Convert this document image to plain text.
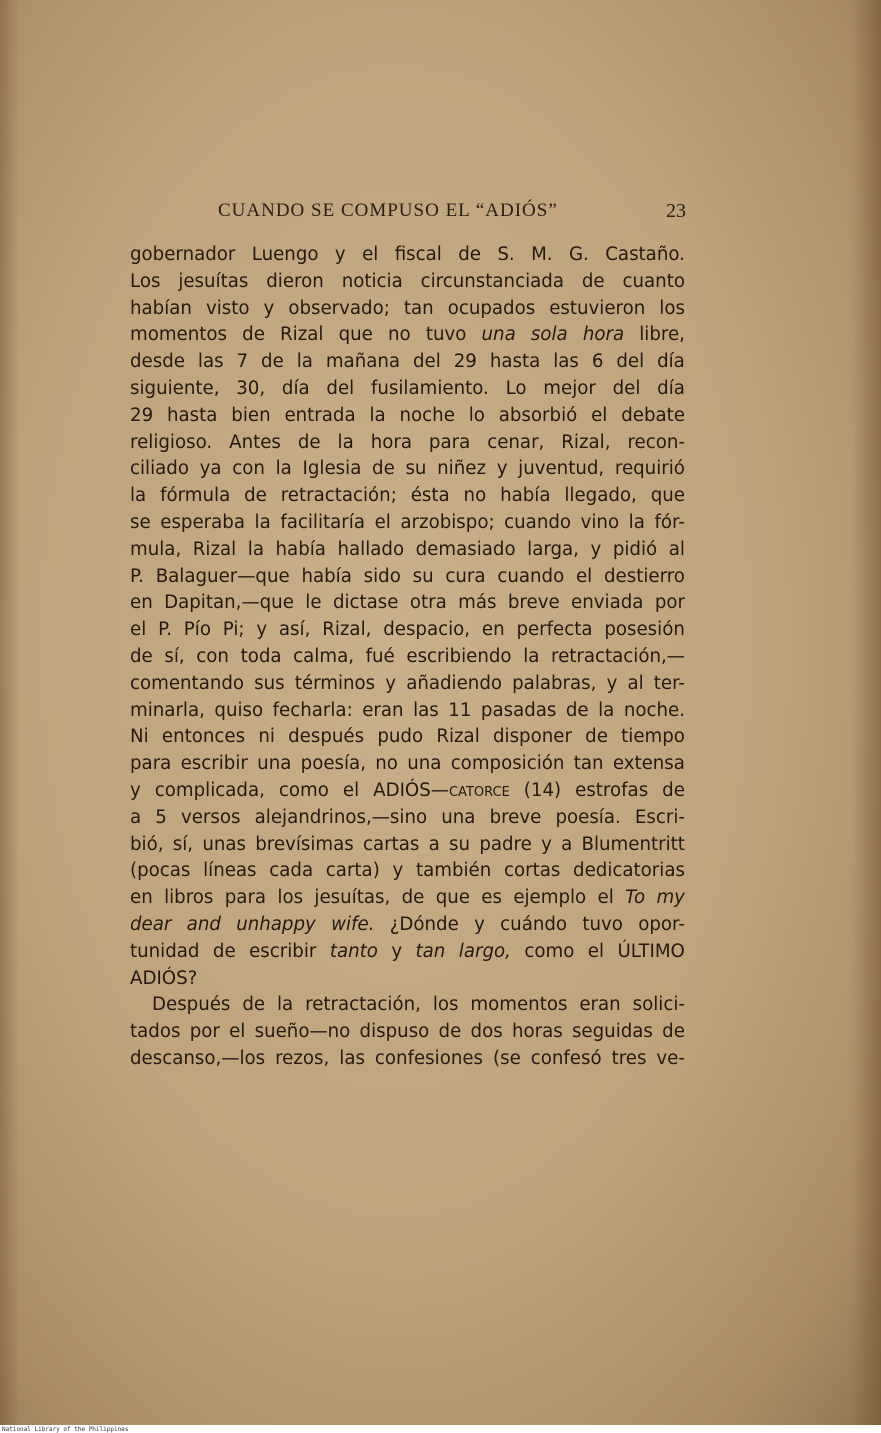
CUANDO SE COMPUSO EL “ADIÓS”	23
gobernador Luengo y el fiscal de S. M. G. Castaño.
Los jesuítas dieron noticia circunstanciada de cuanto
habían visto y observado; tan ocupados estuvieron los
momentos de Rizal que no tuvo una sola hora libre,
desde las 7 de la mañana del 29 hasta las 6 del día
siguiente, 30, día del fusilamiento. Lo mejor del día
29 hasta bien entrada la noche lo absorbió el debate
religioso. Antes de la hora para cenar, Rizal, recon-
ciliado ya con la Iglesia de su niñez y juventud, requirió
la fórmula de retractación; ésta no había llegado, que
se esperaba la facilitaría el arzobispo; cuando vino la fór-
mula, Rizal la había hallado demasiado larga, y pidió al
P. Balaguer—que había sido su cura cuando el destierro
en Dapitan,—que le dictase otra más breve enviada por
el P. Pío Pi; y así, Rizal, despacio, en perfecta posesión
de sí, con toda calma, fué escribiendo la retractación,—
comentando sus términos y añadiendo palabras, y al ter-
minarla, quiso fecharla: eran las 11 pasadas de la noche.
Ni entonces ni después pudo Rizal disponer de tiempo
para escribir una poesía, no una composición tan extensa
y complicada, como el ADIÓS—catorce (14) estrofas de
a 5 versos alejandrinos,—sino una breve poesía. Escri-
bió, sí, unas brevísimas cartas a su padre y a Blumentritt
(pocas líneas cada carta) y también cortas dedicatorias
en libros para los jesuítas, de que es ejemplo el To my
dear and unhappy wife. ¿Dónde y cuándo tuvo opor-
tunidad de escribir tanto y tan largo, como el ÚLTIMO
ADIÓS?
Después de la retractación, los momentos eran solici-
tados por el sueño—no dispuso de dos horas seguidas de
descanso,—los rezos, las confesiones (se confesó tres ve-
National Library of the Philippines
